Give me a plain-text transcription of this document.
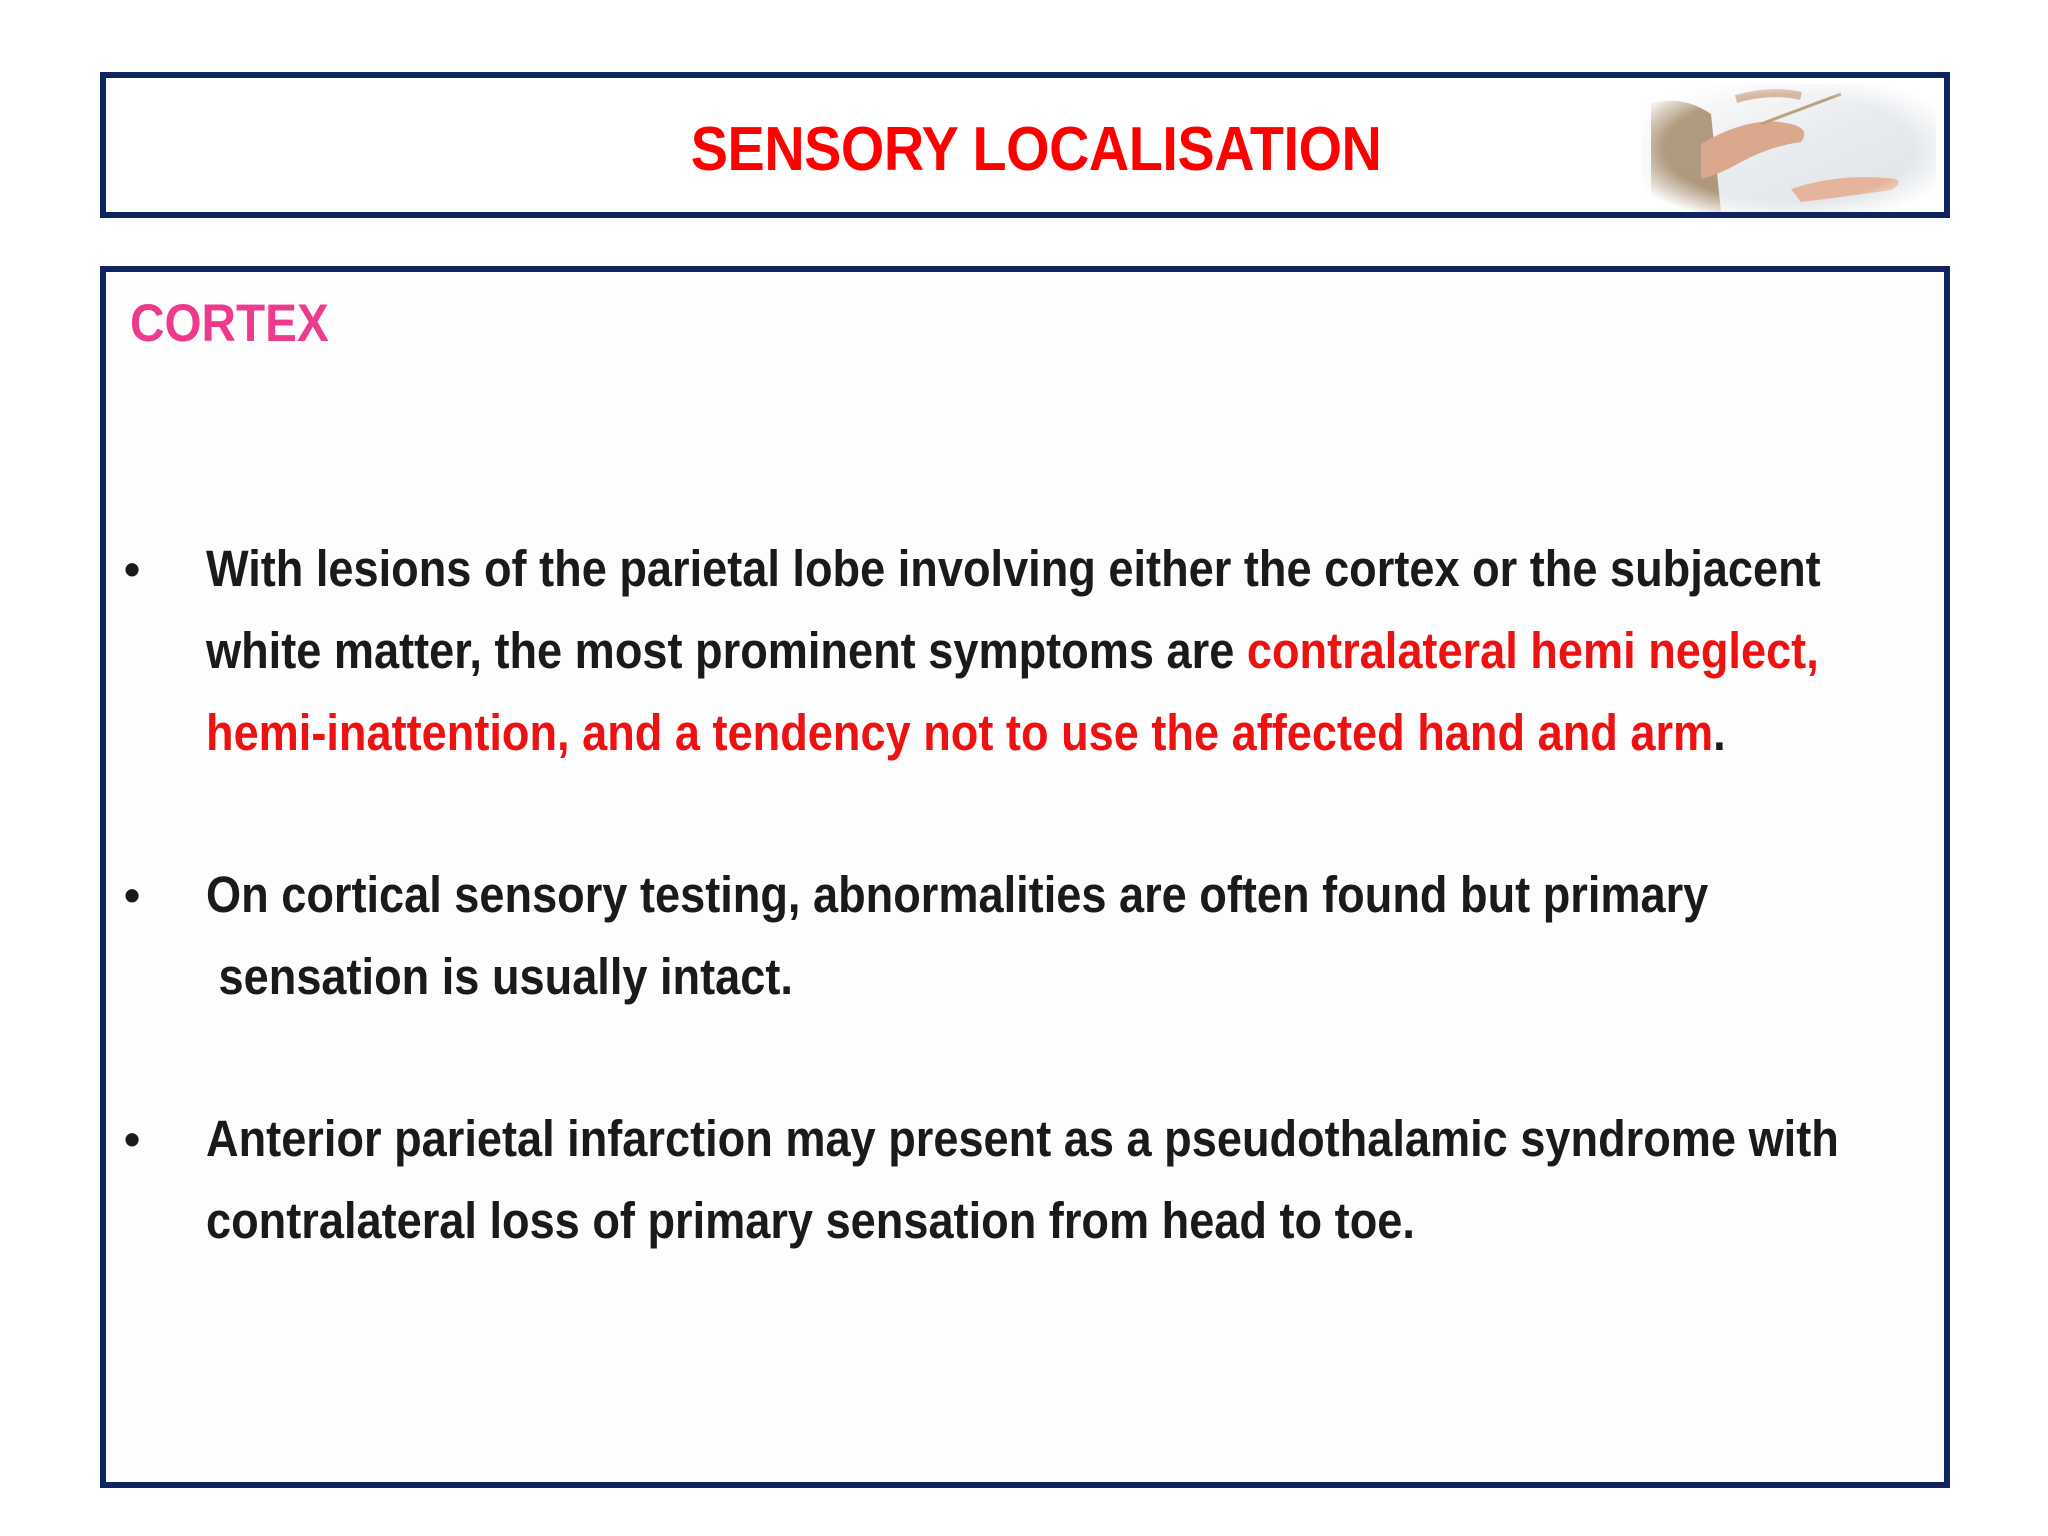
SENSORY LOCALISATION
CORTEX
•	With lesions of the parietal lobe involving either the cortex or the subjacent
white matter, the most prominent symptoms are contralateral hemi neglect,
hemi-inattention, and a tendency not to use the affected hand and arm.
•	On cortical sensory testing, abnormalities are often found but primary
sensation is usually intact.
•	Anterior parietal infarction may present as a pseudothalamic syndrome with
contralateral loss of primary sensation from head to toe.
